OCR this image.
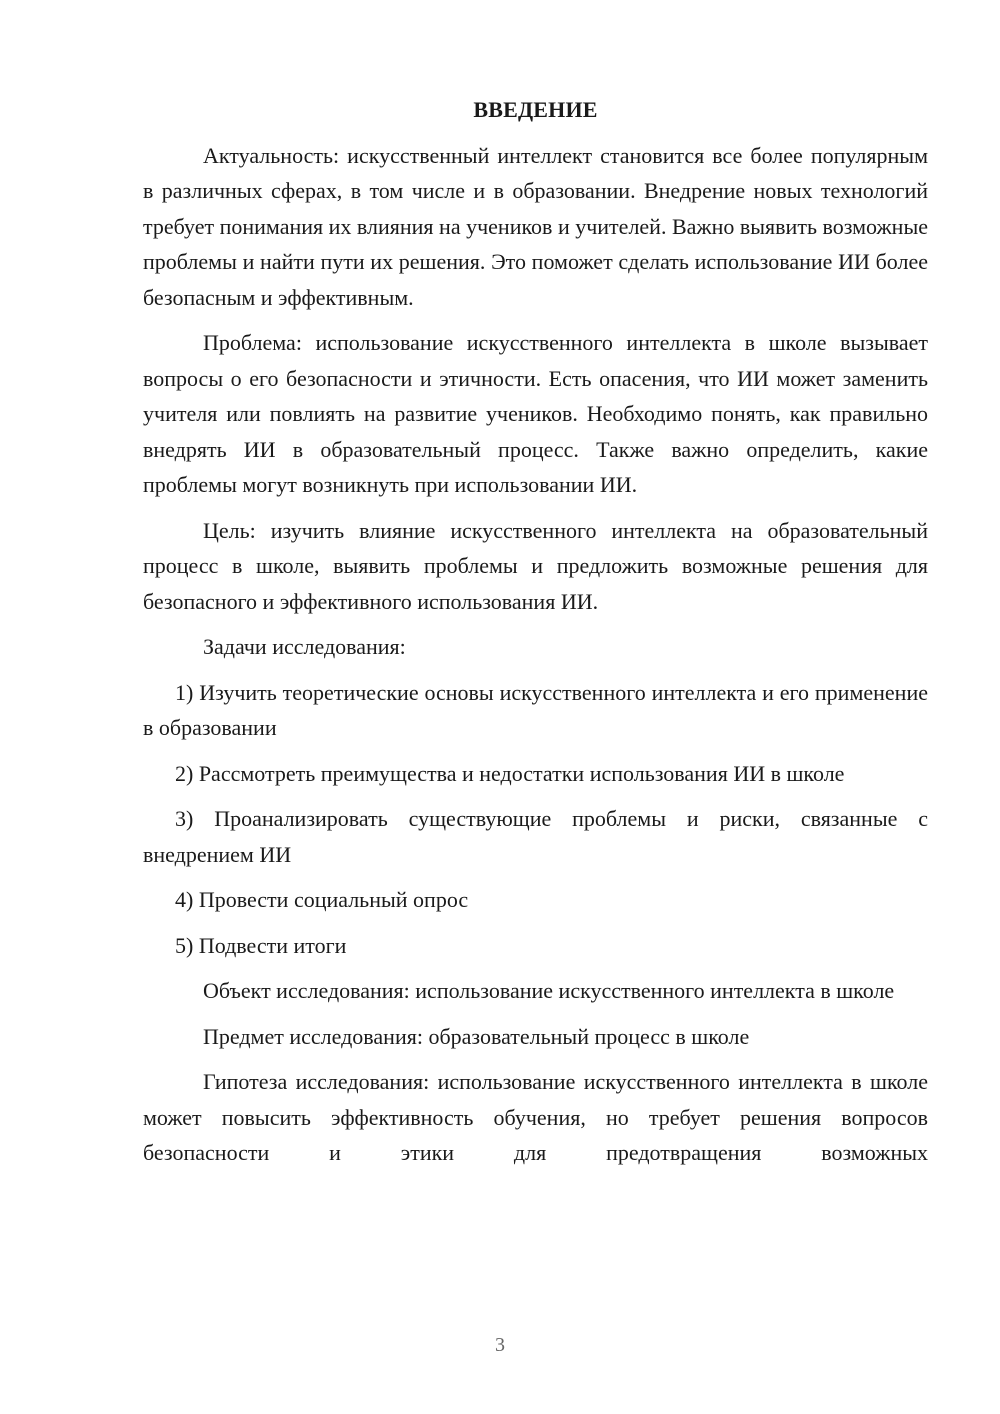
ВВЕДЕНИЕ

Актуальность: искусственный интеллект становится все более популярным в различных сферах, в том числе и в образовании. Внедрение новых технологий требует понимания их влияния на учеников и учителей. Важно выявить возможные проблемы и найти пути их решения. Это поможет сделать использование ИИ более безопасным и эффективным.

Проблема: использование искусственного интеллекта в школе вызывает вопросы о его безопасности и этичности. Есть опасения, что ИИ может заменить учителя или повлиять на развитие учеников. Необходимо понять, как правильно внедрять ИИ в образовательный процесс. Также важно определить, какие проблемы могут возникнуть при использовании ИИ.

Цель: изучить влияние искусственного интеллекта на образовательный процесс в школе, выявить проблемы и предложить возможные решения для безопасного и эффективного использования ИИ.

Задачи исследования:

1) Изучить теоретические основы искусственного интеллекта и его применение в образовании

2) Рассмотреть преимущества и недостатки использования ИИ в школе

3) Проанализировать существующие проблемы и риски, связанные с внедрением ИИ

4) Провести социальный опрос

5) Подвести итоги

Объект исследования: использование искусственного интеллекта в школе

Предмет исследования: образовательный процесс в школе

Гипотеза исследования: использование искусственного интеллекта в школе может повысить эффективность обучения, но требует решения вопросов безопасности и этики для предотвращения возможных

3
